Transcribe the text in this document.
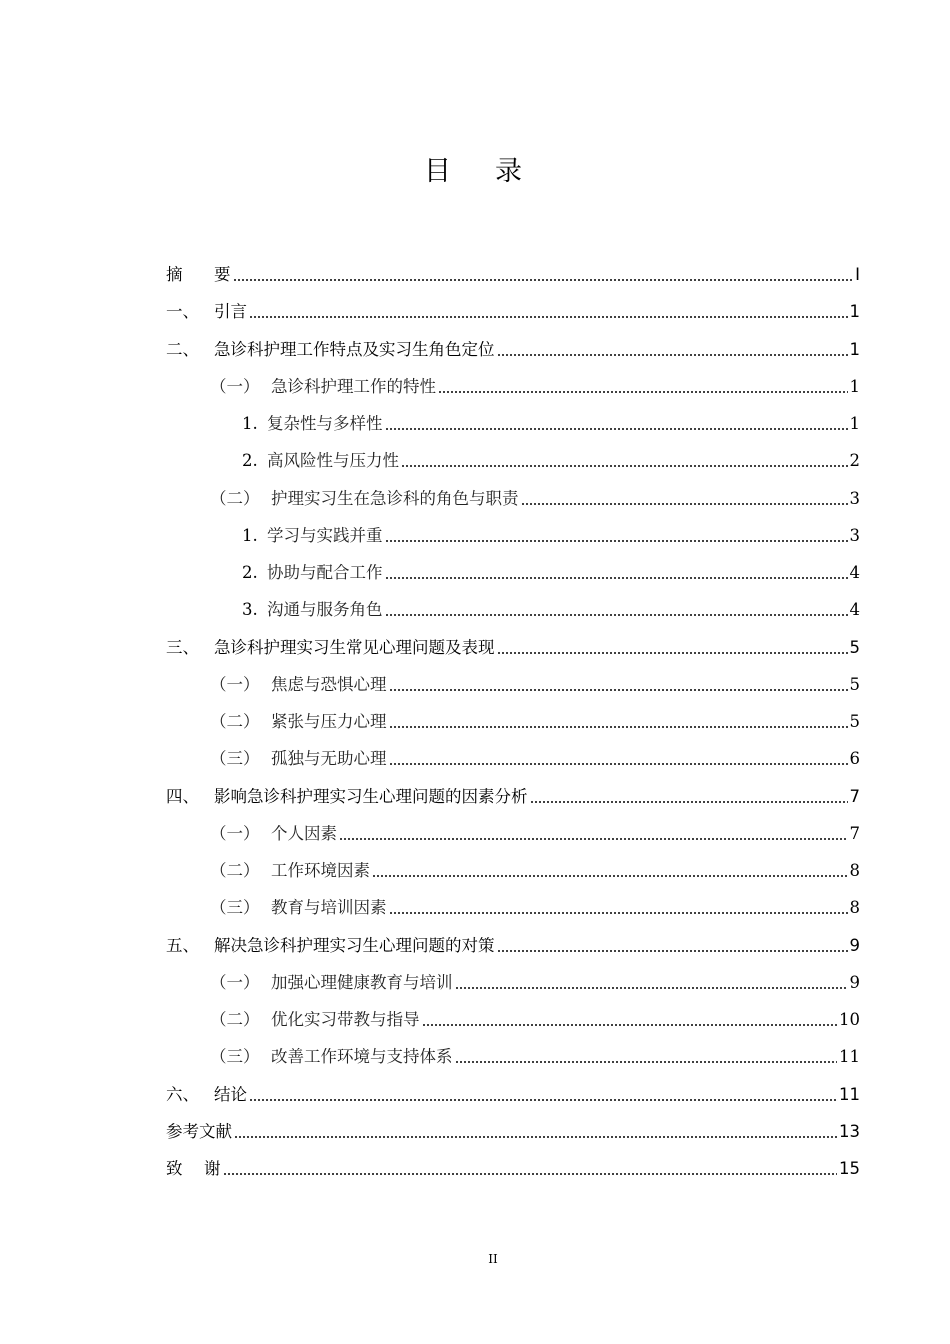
目录
摘	要	I
一、 引言	1
二、 急诊科护理工作特点及实习生角色定位	1
（一） 急诊科护理工作的特性	1
1. 复杂性与多样性	1
2. 高风险性与压力性	2
（二） 护理实习生在急诊科的角色与职责	3
1. 学习与实践并重	3
2. 协助与配合工作	4
3. 沟通与服务角色	4
三、 急诊科护理实习生常见心理问题及表现	5
（一） 焦虑与恐惧心理	5
（二） 紧张与压力心理	5
（三） 孤独与无助心理	6
四、 影响急诊科护理实习生心理问题的因素分析	7
（一） 个人因素	7
（二） 工作环境因素	8
（三） 教育与培训因素	8
五、 解决急诊科护理实习生心理问题的对策	9
（一） 加强心理健康教育与培训	9
（二） 优化实习带教与指导	10
（三） 改善工作环境与支持体系	11
六、 结论	11
参考文献	13
致	谢	15
II
